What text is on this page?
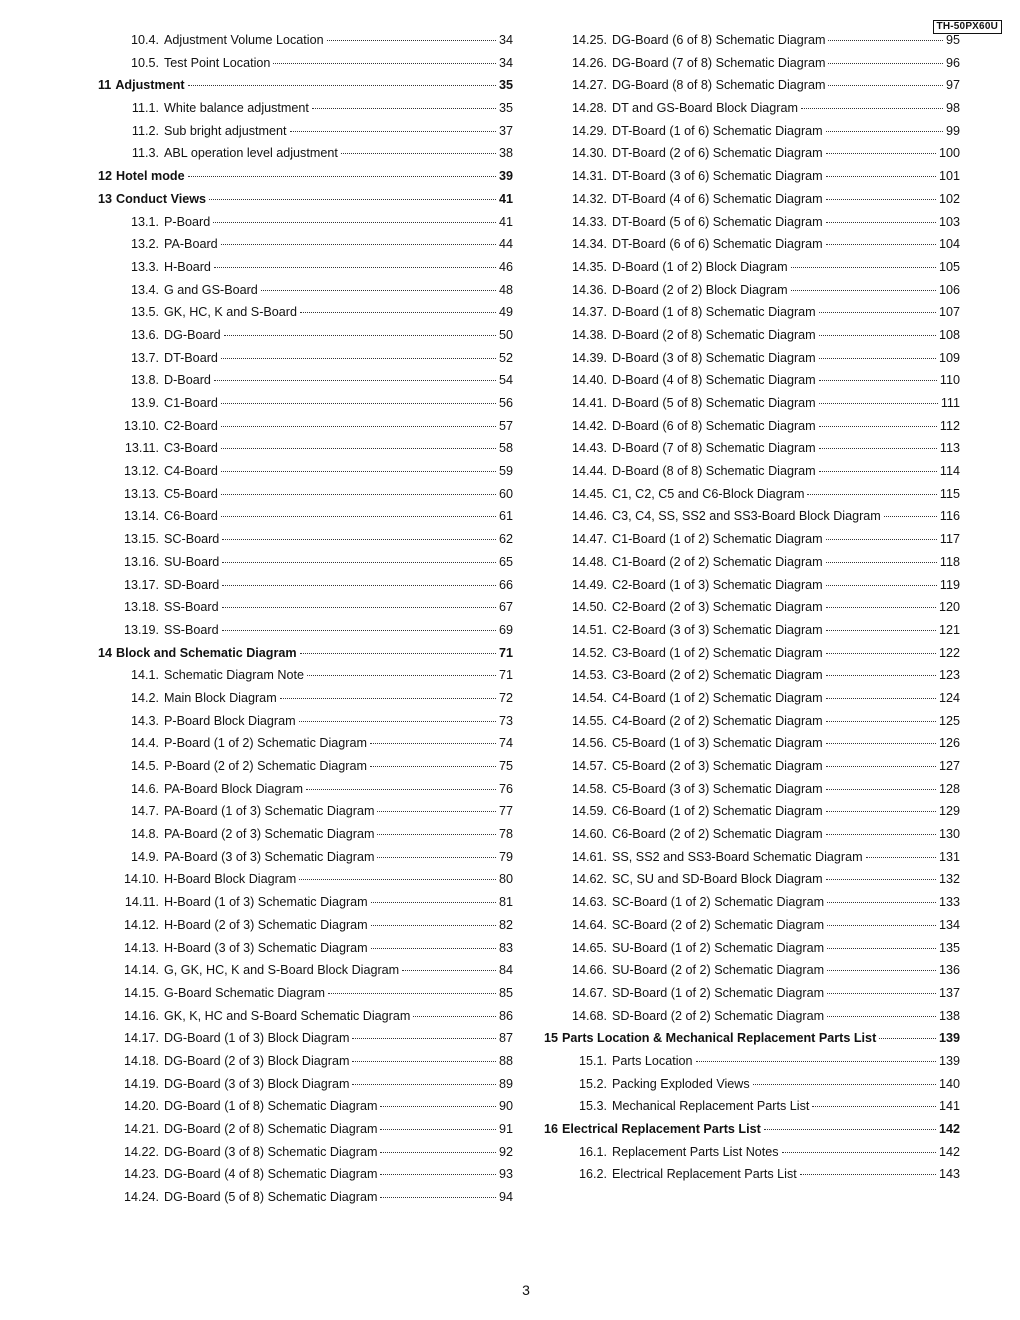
TH-50PX60U
10.4. Adjustment Volume Location	34
10.5. Test Point Location	34
11 Adjustment	35
11.1. White balance adjustment	35
11.2. Sub bright adjustment	37
11.3. ABL operation level adjustment	38
12 Hotel mode	39
13 Conduct Views	41
13.1. P-Board	41
13.2. PA-Board	44
13.3. H-Board	46
13.4. G and GS-Board	48
13.5. GK, HC, K and S-Board	49
13.6. DG-Board	50
13.7. DT-Board	52
13.8. D-Board	54
13.9. C1-Board	56
13.10. C2-Board	57
13.11. C3-Board	58
13.12. C4-Board	59
13.13. C5-Board	60
13.14. C6-Board	61
13.15. SC-Board	62
13.16. SU-Board	65
13.17. SD-Board	66
13.18. SS-Board	67
13.19. SS-Board	69
14 Block and Schematic Diagram	71
14.1. Schematic Diagram Note	71
14.2. Main Block Diagram	72
14.3. P-Board Block Diagram	73
14.4. P-Board (1 of 2) Schematic Diagram	74
14.5. P-Board (2 of 2) Schematic Diagram	75
14.6. PA-Board Block Diagram	76
14.7. PA-Board (1 of 3) Schematic Diagram	77
14.8. PA-Board (2 of 3) Schematic Diagram	78
14.9. PA-Board (3 of 3) Schematic Diagram	79
14.10. H-Board Block Diagram	80
14.11. H-Board (1 of 3) Schematic Diagram	81
14.12. H-Board (2 of 3) Schematic Diagram	82
14.13. H-Board (3 of 3) Schematic Diagram	83
14.14. G, GK, HC, K and S-Board Block Diagram	84
14.15. G-Board Schematic Diagram	85
14.16. GK, K, HC and S-Board Schematic Diagram	86
14.17. DG-Board (1 of 3) Block Diagram	87
14.18. DG-Board (2 of 3) Block Diagram	88
14.19. DG-Board (3 of 3) Block Diagram	89
14.20. DG-Board (1 of 8) Schematic Diagram	90
14.21. DG-Board (2 of 8) Schematic Diagram	91
14.22. DG-Board (3 of 8) Schematic Diagram	92
14.23. DG-Board (4 of 8) Schematic Diagram	93
14.24. DG-Board (5 of 8) Schematic Diagram	94
14.25. DG-Board (6 of 8) Schematic Diagram	95
14.26. DG-Board (7 of 8) Schematic Diagram	96
14.27. DG-Board (8 of 8) Schematic Diagram	97
14.28. DT and GS-Board Block Diagram	98
14.29. DT-Board (1 of 6) Schematic Diagram	99
14.30. DT-Board (2 of 6) Schematic Diagram	100
14.31. DT-Board (3 of 6) Schematic Diagram	101
14.32. DT-Board (4 of 6) Schematic Diagram	102
14.33. DT-Board (5 of 6) Schematic Diagram	103
14.34. DT-Board (6 of 6) Schematic Diagram	104
14.35. D-Board (1 of 2) Block Diagram	105
14.36. D-Board (2 of 2) Block Diagram	106
14.37. D-Board (1 of 8) Schematic Diagram	107
14.38. D-Board (2 of 8) Schematic Diagram	108
14.39. D-Board (3 of 8) Schematic Diagram	109
14.40. D-Board (4 of 8) Schematic Diagram	110
14.41. D-Board (5 of 8) Schematic Diagram	111
14.42. D-Board (6 of 8) Schematic Diagram	112
14.43. D-Board (7 of 8) Schematic Diagram	113
14.44. D-Board (8 of 8) Schematic Diagram	114
14.45. C1, C2, C5 and C6-Block Diagram	115
14.46. C3, C4, SS, SS2 and SS3-Board Block Diagram	116
14.47. C1-Board (1 of 2) Schematic Diagram	117
14.48. C1-Board (2 of 2) Schematic Diagram	118
14.49. C2-Board (1 of 3) Schematic Diagram	119
14.50. C2-Board (2 of 3) Schematic Diagram	120
14.51. C2-Board (3 of 3) Schematic Diagram	121
14.52. C3-Board (1 of 2) Schematic Diagram	122
14.53. C3-Board (2 of 2) Schematic Diagram	123
14.54. C4-Board (1 of 2) Schematic Diagram	124
14.55. C4-Board (2 of 2) Schematic Diagram	125
14.56. C5-Board (1 of 3) Schematic Diagram	126
14.57. C5-Board (2 of 3) Schematic Diagram	127
14.58. C5-Board (3 of 3) Schematic Diagram	128
14.59. C6-Board (1 of 2) Schematic Diagram	129
14.60. C6-Board (2 of 2) Schematic Diagram	130
14.61. SS, SS2 and SS3-Board Schematic Diagram	131
14.62. SC, SU and SD-Board Block Diagram	132
14.63. SC-Board (1 of 2) Schematic Diagram	133
14.64. SC-Board (2 of 2) Schematic Diagram	134
14.65. SU-Board (1 of 2) Schematic Diagram	135
14.66. SU-Board (2 of 2) Schematic Diagram	136
14.67. SD-Board (1 of 2) Schematic Diagram	137
14.68. SD-Board (2 of 2) Schematic Diagram	138
15 Parts Location & Mechanical Replacement Parts List	139
15.1. Parts Location	139
15.2. Packing Exploded Views	140
15.3. Mechanical Replacement Parts List	141
16 Electrical Replacement Parts List	142
16.1. Replacement Parts List Notes	142
16.2. Electrical Replacement Parts List	143
3
